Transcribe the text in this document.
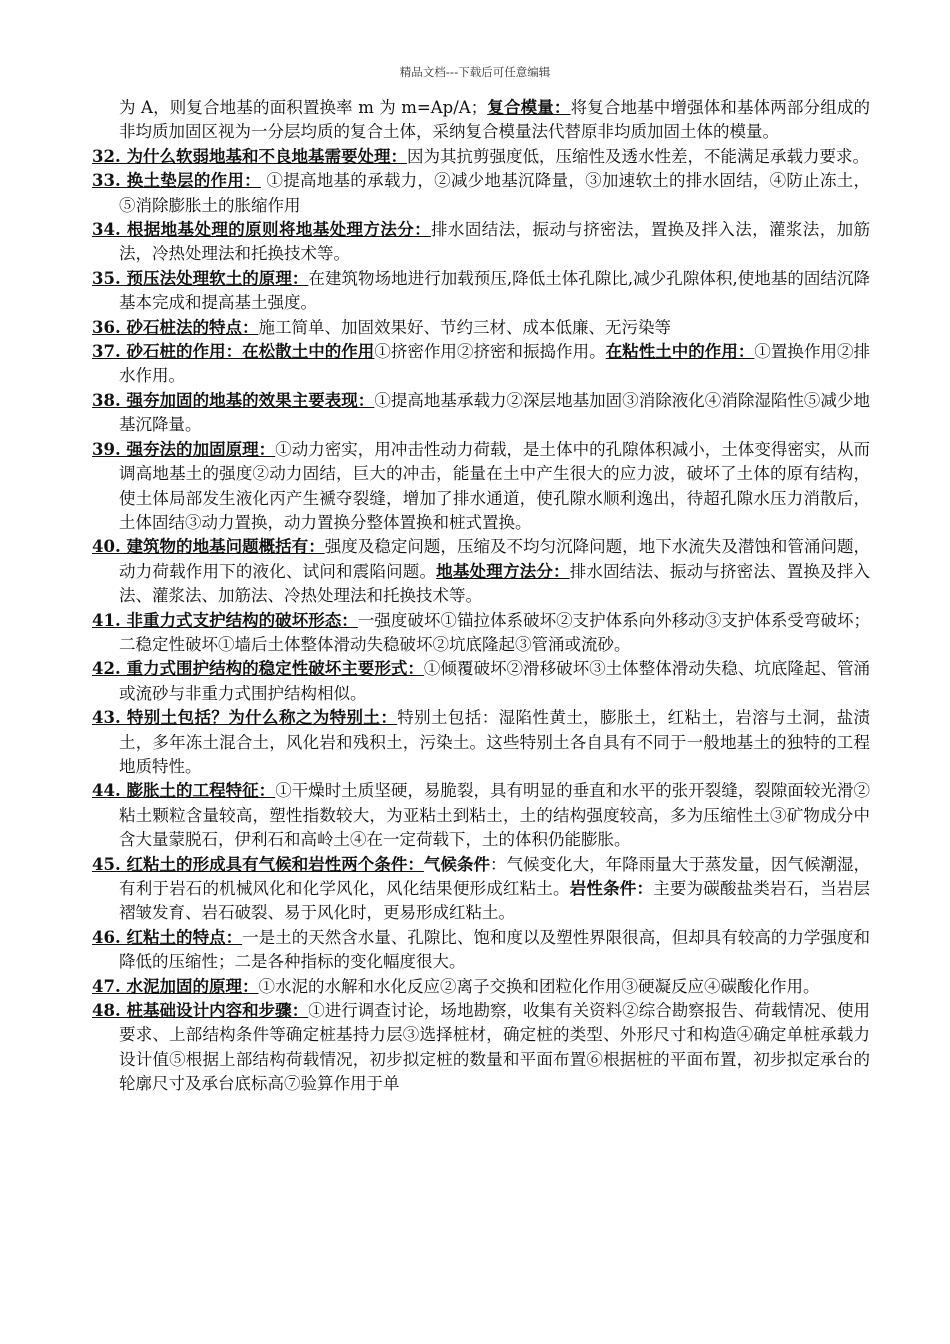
精品文档---下载后可任意编辑

为 A，则复合地基的面积置换率 m 为 m=Ap/A；复合模量：将复合地基中增强体和基体两部分组成的非均质加固区视为一分层均质的复合土体，采纳复合模量法代替原非均质加固土体的模量。

32. 为什么软弱地基和不良地基需要处理：因为其抗剪强度低，压缩性及透水性差，不能满足承载力要求。

33. 换土垫层的作用： ①提高地基的承载力，②减少地基沉降量，③加速软土的排水固结，④防止冻土，⑤消除膨胀土的胀缩作用

34. 根据地基处理的原则将地基处理方法分：排水固结法，振动与挤密法，置换及拌入法，灌浆法，加筋法，冷热处理法和托换技术等。

35. 预压法处理软土的原理：在建筑物场地进行加载预压,降低土体孔隙比,减少孔隙体积,使地基的固结沉降基本完成和提高基土强度。

36. 砂石桩法的特点：施工简单、加固效果好、节约三材、成本低廉、无污染等

37. 砂石桩的作用：在松散土中的作用①挤密作用②挤密和振捣作用。在粘性土中的作用：①置换作用②排水作用。

38. 强夯加固的地基的效果主要表现：①提高地基承载力②深层地基加固③消除液化④消除湿陷性⑤减少地基沉降量。

39. 强夯法的加固原理：①动力密实，用冲击性动力荷载，是土体中的孔隙体积减小，土体变得密实，从而调高地基土的强度②动力固结，巨大的冲击，能量在土中产生很大的应力波，破坏了土体的原有结构，使土体局部发生液化丙产生褫夺裂缝，增加了排水通道，使孔隙水顺利逸出，待超孔隙水压力消散后，土体固结③动力置换，动力置换分整体置换和桩式置换。

40. 建筑物的地基问题概括有：强度及稳定问题，压缩及不均匀沉降问题，地下水流失及潜蚀和管涌问题，动力荷载作用下的液化、试问和震陷问题。地基处理方法分：排水固结法、振动与挤密法、置换及拌入法、灌浆法、加筋法、冷热处理法和托换技术等。

41. 非重力式支护结构的破坏形态：一强度破坏①锚拉体系破坏②支护体系向外移动③支护体系受弯破坏；二稳定性破坏①墙后土体整体滑动失稳破坏②坑底隆起③管涌或流砂。

42. 重力式围护结构的稳定性破坏主要形式：①倾覆破坏②滑移破坏③土体整体滑动失稳、坑底隆起、管涌或流砂与非重力式围护结构相似。

43. 特别土包括？为什么称之为特别土：特别土包括：湿陷性黄土，膨胀土，红粘土，岩溶与土洞，盐渍土，多年冻土混合土，风化岩和残积土，污染土。这些特别土各自具有不同于一般地基土的独特的工程地质特性。

44. 膨胀土的工程特征：①干燥时土质坚硬，易脆裂，具有明显的垂直和水平的张开裂缝，裂隙面较光滑②粘土颗粒含量较高，塑性指数较大，为亚粘土到粘土，土的结构强度较高，多为压缩性土③矿物成分中含大量蒙脱石，伊利石和高岭土④在一定荷载下，土的体积仍能膨胀。

45. 红粘土的形成具有气候和岩性两个条件：气候条件：气候变化大，年降雨量大于蒸发量，因气候潮湿，有利于岩石的机械风化和化学风化，风化结果便形成红粘土。岩性条件：主要为碳酸盐类岩石，当岩层褶皱发育、岩石破裂、易于风化时，更易形成红粘土。

46. 红粘土的特点：一是土的天然含水量、孔隙比、饱和度以及塑性界限很高，但却具有较高的力学强度和降低的压缩性；二是各种指标的变化幅度很大。

47. 水泥加固的原理：①水泥的水解和水化反应②离子交换和团粒化作用③硬凝反应④碳酸化作用。

48. 桩基础设计内容和步骤：①进行调查讨论，场地勘察，收集有关资料②综合勘察报告、荷载情况、使用要求、上部结构条件等确定桩基持力层③选择桩材，确定桩的类型、外形尺寸和构造④确定单桩承载力设计值⑤根据上部结构荷载情况，初步拟定桩的数量和平面布置⑥根据桩的平面布置，初步拟定承台的轮廓尺寸及承台底标高⑦验算作用于单
